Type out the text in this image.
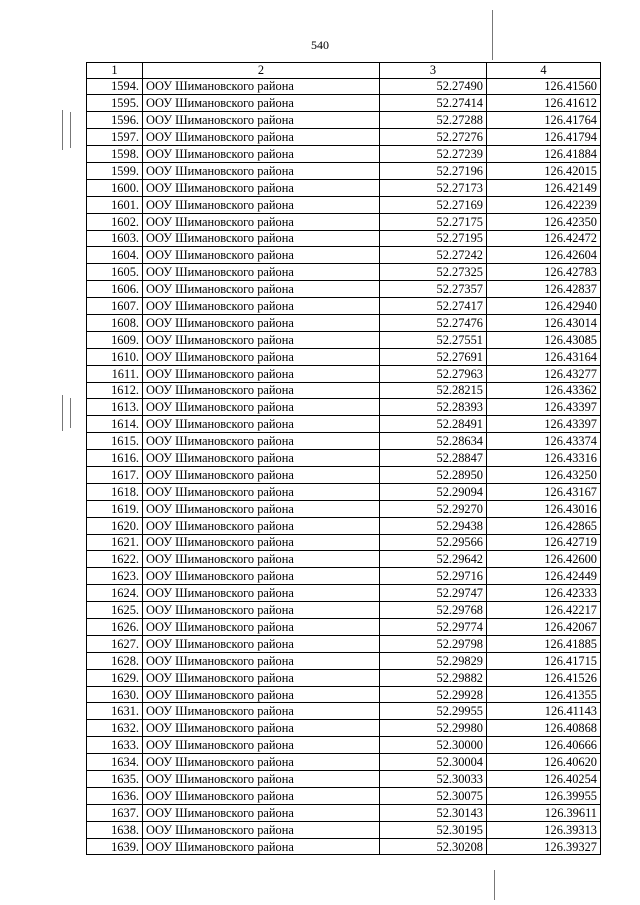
540
1	2	3	4
1594.	ООУ Шимановского района	52.27490	126.41560
1595.	ООУ Шимановского района	52.27414	126.41612
1596.	ООУ Шимановского района	52.27288	126.41764
1597.	ООУ Шимановского района	52.27276	126.41794
1598.	ООУ Шимановского района	52.27239	126.41884
1599.	ООУ Шимановского района	52.27196	126.42015
1600.	ООУ Шимановского района	52.27173	126.42149
1601.	ООУ Шимановского района	52.27169	126.42239
1602.	ООУ Шимановского района	52.27175	126.42350
1603.	ООУ Шимановского района	52.27195	126.42472
1604.	ООУ Шимановского района	52.27242	126.42604
1605.	ООУ Шимановского района	52.27325	126.42783
1606.	ООУ Шимановского района	52.27357	126.42837
1607.	ООУ Шимановского района	52.27417	126.42940
1608.	ООУ Шимановского района	52.27476	126.43014
1609.	ООУ Шимановского района	52.27551	126.43085
1610.	ООУ Шимановского района	52.27691	126.43164
1611.	ООУ Шимановского района	52.27963	126.43277
1612.	ООУ Шимановского района	52.28215	126.43362
1613.	ООУ Шимановского района	52.28393	126.43397
1614.	ООУ Шимановского района	52.28491	126.43397
1615.	ООУ Шимановского района	52.28634	126.43374
1616.	ООУ Шимановского района	52.28847	126.43316
1617.	ООУ Шимановского района	52.28950	126.43250
1618.	ООУ Шимановского района	52.29094	126.43167
1619.	ООУ Шимановского района	52.29270	126.43016
1620.	ООУ Шимановского района	52.29438	126.42865
1621.	ООУ Шимановского района	52.29566	126.42719
1622.	ООУ Шимановского района	52.29642	126.42600
1623.	ООУ Шимановского района	52.29716	126.42449
1624.	ООУ Шимановского района	52.29747	126.42333
1625.	ООУ Шимановского района	52.29768	126.42217
1626.	ООУ Шимановского района	52.29774	126.42067
1627.	ООУ Шимановского района	52.29798	126.41885
1628.	ООУ Шимановского района	52.29829	126.41715
1629.	ООУ Шимановского района	52.29882	126.41526
1630.	ООУ Шимановского района	52.29928	126.41355
1631.	ООУ Шимановского района	52.29955	126.41143
1632.	ООУ Шимановского района	52.29980	126.40868
1633.	ООУ Шимановского района	52.30000	126.40666
1634.	ООУ Шимановского района	52.30004	126.40620
1635.	ООУ Шимановского района	52.30033	126.40254
1636.	ООУ Шимановского района	52.30075	126.39955
1637.	ООУ Шимановского района	52.30143	126.39611
1638.	ООУ Шимановского района	52.30195	126.39313
1639.	ООУ Шимановского района	52.30208	126.39327
